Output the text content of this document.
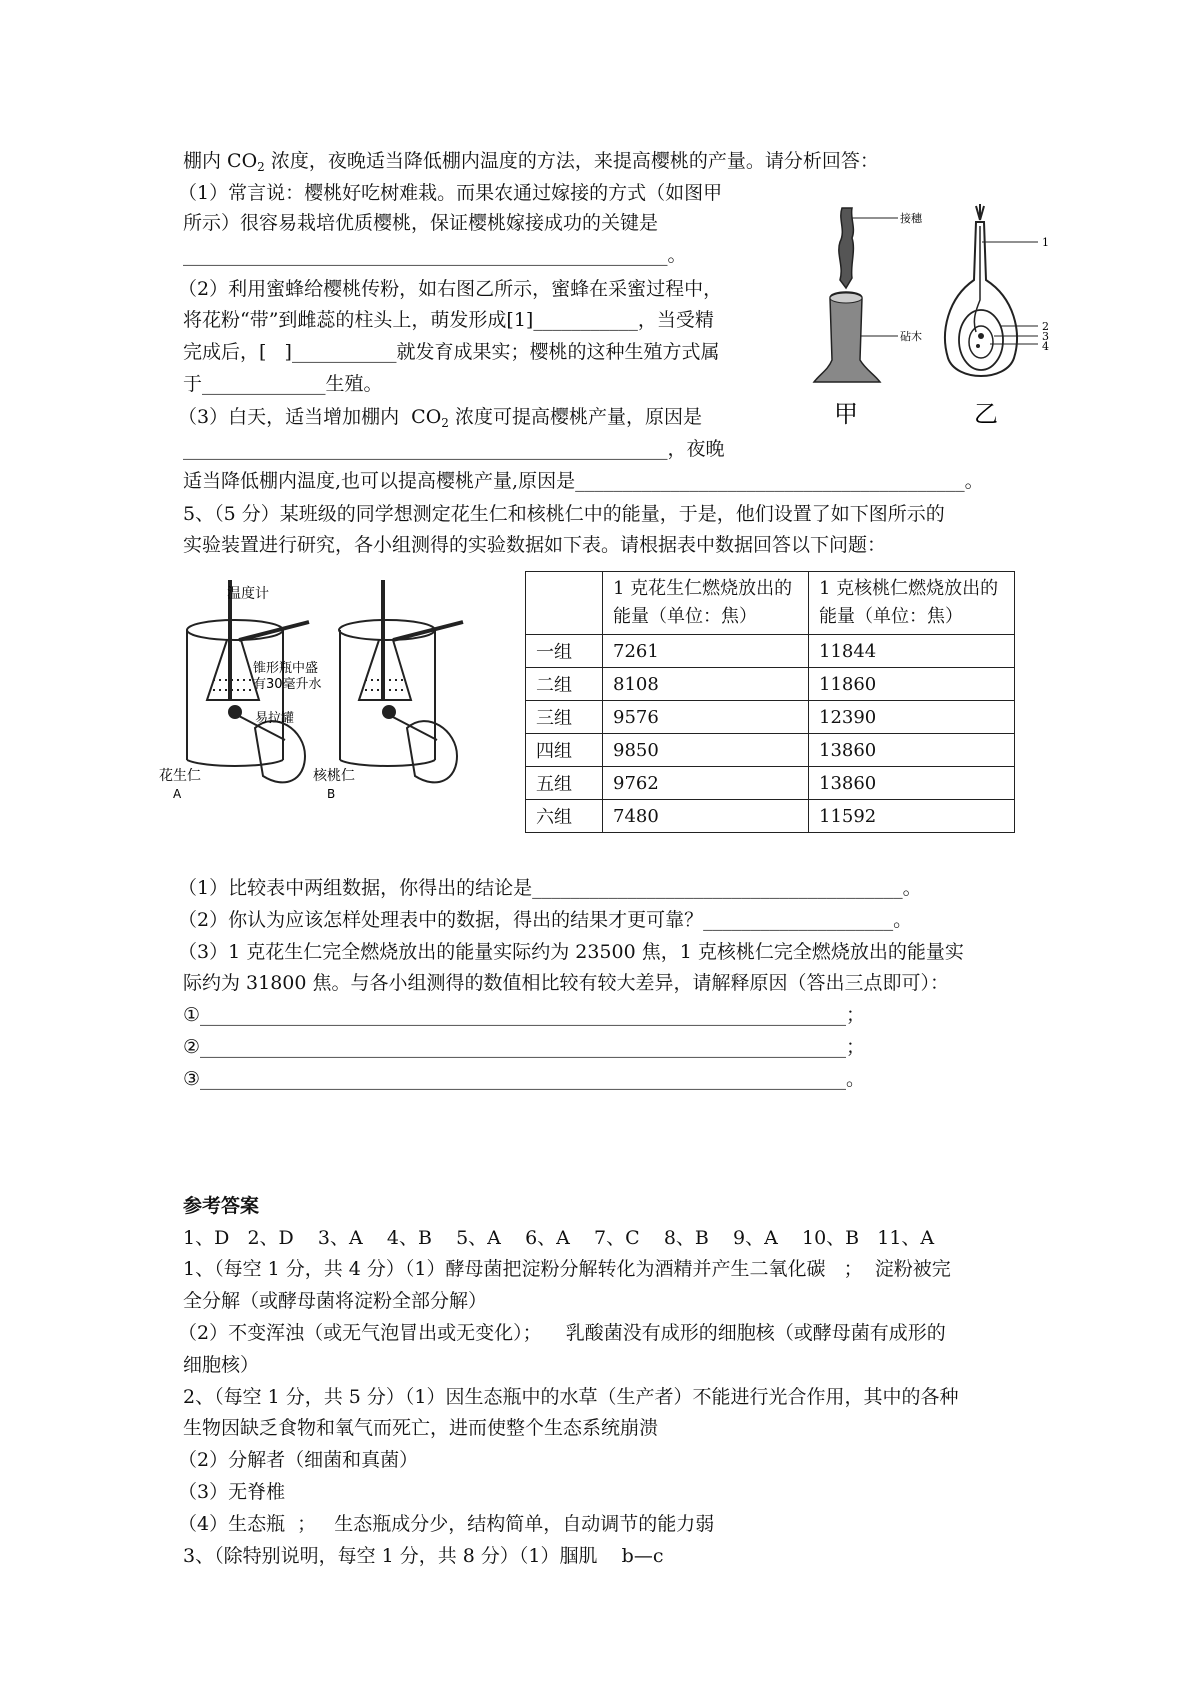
棚内 $CO_2$ 浓度，夜晚适当降低棚内温度的方法，来提高樱桃的产量。请分析回答：
（1）常言说：樱桃好吃树难栽。而果农通过嫁接的方式（如图甲
所示）很容易栽培优质樱桃，保证樱桃嫁接成功的关键是
___________________________________________________。
（2）利用蜜蜂给樱桃传粉，如右图乙所示，蜜蜂在采蜜过程中，
将花粉“带”到雌蕊的柱头上，萌发形成[1]___________，当受精
完成后，[   ]___________就发育成果实；樱桃的这种生殖方式属
于_____________生殖。
（3）白天，适当增加棚内  $CO_2$ 浓度可提高樱桃产量，原因是
___________________________________________________，夜晚
适当降低棚内温度,也可以提高樱桃产量,原因是_________________________________________。
接穗
砧木
1
2
3
4
甲	乙
5、（5 分）某班级的同学想测定花生仁和核桃仁中的能量，于是，他们设置了如下图所示的
实验装置进行研究，各小组测得的实验数据如下表。请根据表中数据回答以下问题：
温度计
锥形瓶中盛
有30毫升水
易拉罐
花生仁
A
核桃仁
B
	1 克花生仁燃烧放出的能量（单位：焦）	1 克核桃仁燃烧放出的能量（单位：焦）
一组	7261	11844
二组	8108	11860
三组	9576	12390
四组	9850	13860
五组	9762	13860
六组	7480	11592
（1）比较表中两组数据，你得出的结论是_______________________________________。
（2）你认为应该怎样处理表中的数据，得出的结果才更可靠？____________________。
（3）1 克花生仁完全燃烧放出的能量实际约为 23500 焦，1 克核桃仁完全燃烧放出的能量实
际约为 31800 焦。与各小组测得的数值相比较有较大差异，请解释原因（答出三点即可）：
①____________________________________________________________________；
②____________________________________________________________________；
③____________________________________________________________________。
参考答案
1、D   2、D    3、A    4、B    5、A    6、A    7、C    8、B    9、A    10、B   11、A
1、（每空 1 分，共 4 分）（1）酵母菌把淀粉分解转化为酒精并产生二氧化碳   ；  淀粉被完
全分解（或酵母菌将淀粉全部分解）
（2）不变浑浊（或无气泡冒出或无变化）；    乳酸菌没有成形的细胞核（或酵母菌有成形的
细胞核）
2、（每空 1 分，共 5 分）（1）因生态瓶中的水草（生产者）不能进行光合作用，其中的各种
生物因缺乏食物和氧气而死亡，进而使整个生态系统崩溃
（2）分解者（细菌和真菌）
（3）无脊椎
（4）生态瓶  ；   生态瓶成分少，结构简单，自动调节的能力弱
3、（除特别说明，每空 1 分，共 8 分）（1）腘肌    b—c
